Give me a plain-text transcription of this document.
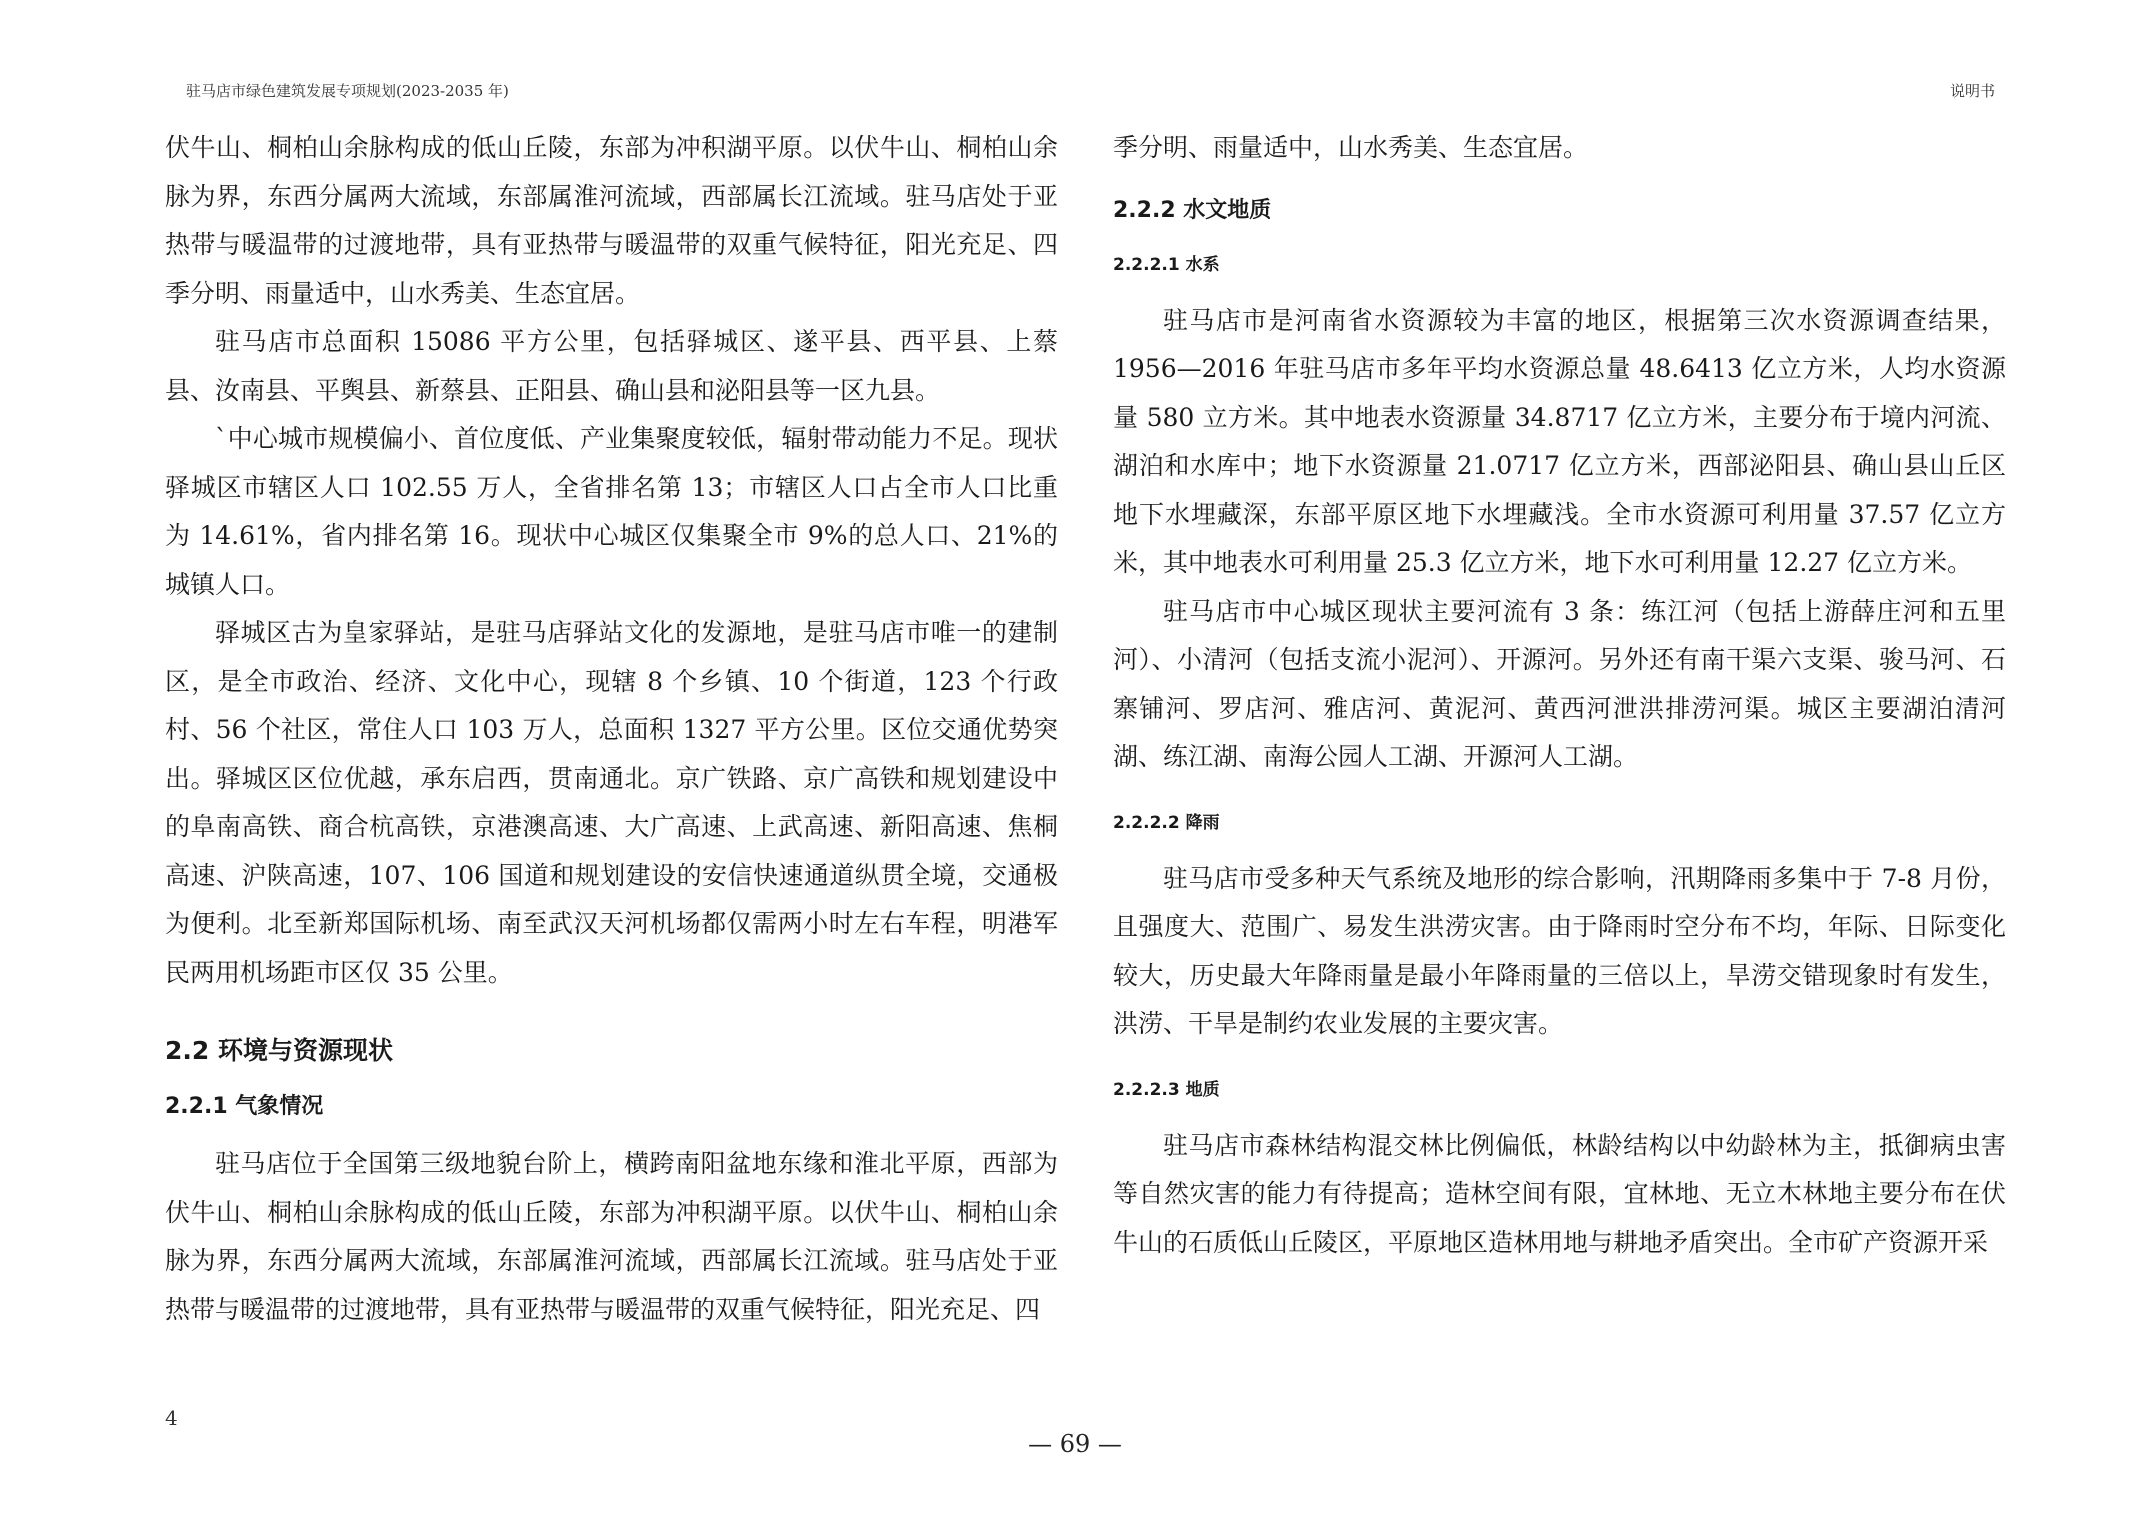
驻马店市绿色建筑发展专项规划(2023-2035 年)	说明书

伏牛山、桐柏山余脉构成的低山丘陵，东部为冲积湖平原。以伏牛山、桐柏山余脉为界，东西分属两大流域，东部属淮河流域，西部属长江流域。驻马店处于亚热带与暖温带的过渡地带，具有亚热带与暖温带的双重气候特征，阳光充足、四季分明、雨量适中，山水秀美、生态宜居。

驻马店市总面积 15086 平方公里，包括驿城区、遂平县、西平县、上蔡县、汝南县、平舆县、新蔡县、正阳县、确山县和泌阳县等一区九县。

`中心城市规模偏小、首位度低、产业集聚度较低，辐射带动能力不足。现状驿城区市辖区人口 102.55 万人，全省排名第 13；市辖区人口占全市人口比重为 14.61%，省内排名第 16。现状中心城区仅集聚全市 9%的总人口、21%的城镇人口。

驿城区古为皇家驿站，是驻马店驿站文化的发源地，是驻马店市唯一的建制区，是全市政治、经济、文化中心，现辖 8 个乡镇、10 个街道，123 个行政村、56 个社区，常住人口 103 万人，总面积 1327 平方公里。区位交通优势突出。驿城区区位优越，承东启西，贯南通北。京广铁路、京广高铁和规划建设中的阜南高铁、商合杭高铁，京港澳高速、大广高速、上武高速、新阳高速、焦桐高速、沪陕高速，107、106 国道和规划建设的安信快速通道纵贯全境，交通极为便利。北至新郑国际机场、南至武汉天河机场都仅需两小时左右车程，明港军民两用机场距市区仅 35 公里。

2.2 环境与资源现状
2.2.1 气象情况

驻马店位于全国第三级地貌台阶上，横跨南阳盆地东缘和淮北平原，西部为伏牛山、桐柏山余脉构成的低山丘陵，东部为冲积湖平原。以伏牛山、桐柏山余脉为界，东西分属两大流域，东部属淮河流域，西部属长江流域。驻马店处于亚热带与暖温带的过渡地带，具有亚热带与暖温带的双重气候特征，阳光充足、四

季分明、雨量适中，山水秀美、生态宜居。

2.2.2 水文地质
2.2.2.1 水系

驻马店市是河南省水资源较为丰富的地区，根据第三次水资源调查结果，1956—2016 年驻马店市多年平均水资源总量 48.6413 亿立方米，人均水资源量 580 立方米。其中地表水资源量 34.8717 亿立方米，主要分布于境内河流、湖泊和水库中；地下水资源量 21.0717 亿立方米，西部泌阳县、确山县山丘区地下水埋藏深，东部平原区地下水埋藏浅。全市水资源可利用量 37.57 亿立方米，其中地表水可利用量 25.3 亿立方米，地下水可利用量 12.27 亿立方米。

驻马店市中心城区现状主要河流有 3 条：练江河（包括上游薛庄河和五里河）、小清河（包括支流小泥河）、开源河。另外还有南干渠六支渠、骏马河、石寨铺河、罗店河、雅店河、黄泥河、黄西河泄洪排涝河渠。城区主要湖泊清河湖、练江湖、南海公园人工湖、开源河人工湖。

2.2.2.2 降雨

驻马店市受多种天气系统及地形的综合影响，汛期降雨多集中于 7-8 月份，且强度大、范围广、易发生洪涝灾害。由于降雨时空分布不均，年际、日际变化较大，历史最大年降雨量是最小年降雨量的三倍以上，旱涝交错现象时有发生，洪涝、干旱是制约农业发展的主要灾害。

2.2.2.3 地质

驻马店市森林结构混交林比例偏低，林龄结构以中幼龄林为主，抵御病虫害等自然灾害的能力有待提高；造林空间有限，宜林地、无立木林地主要分布在伏牛山的石质低山丘陵区，平原地区造林用地与耕地矛盾突出。全市矿产资源开采

4
— 69 —
